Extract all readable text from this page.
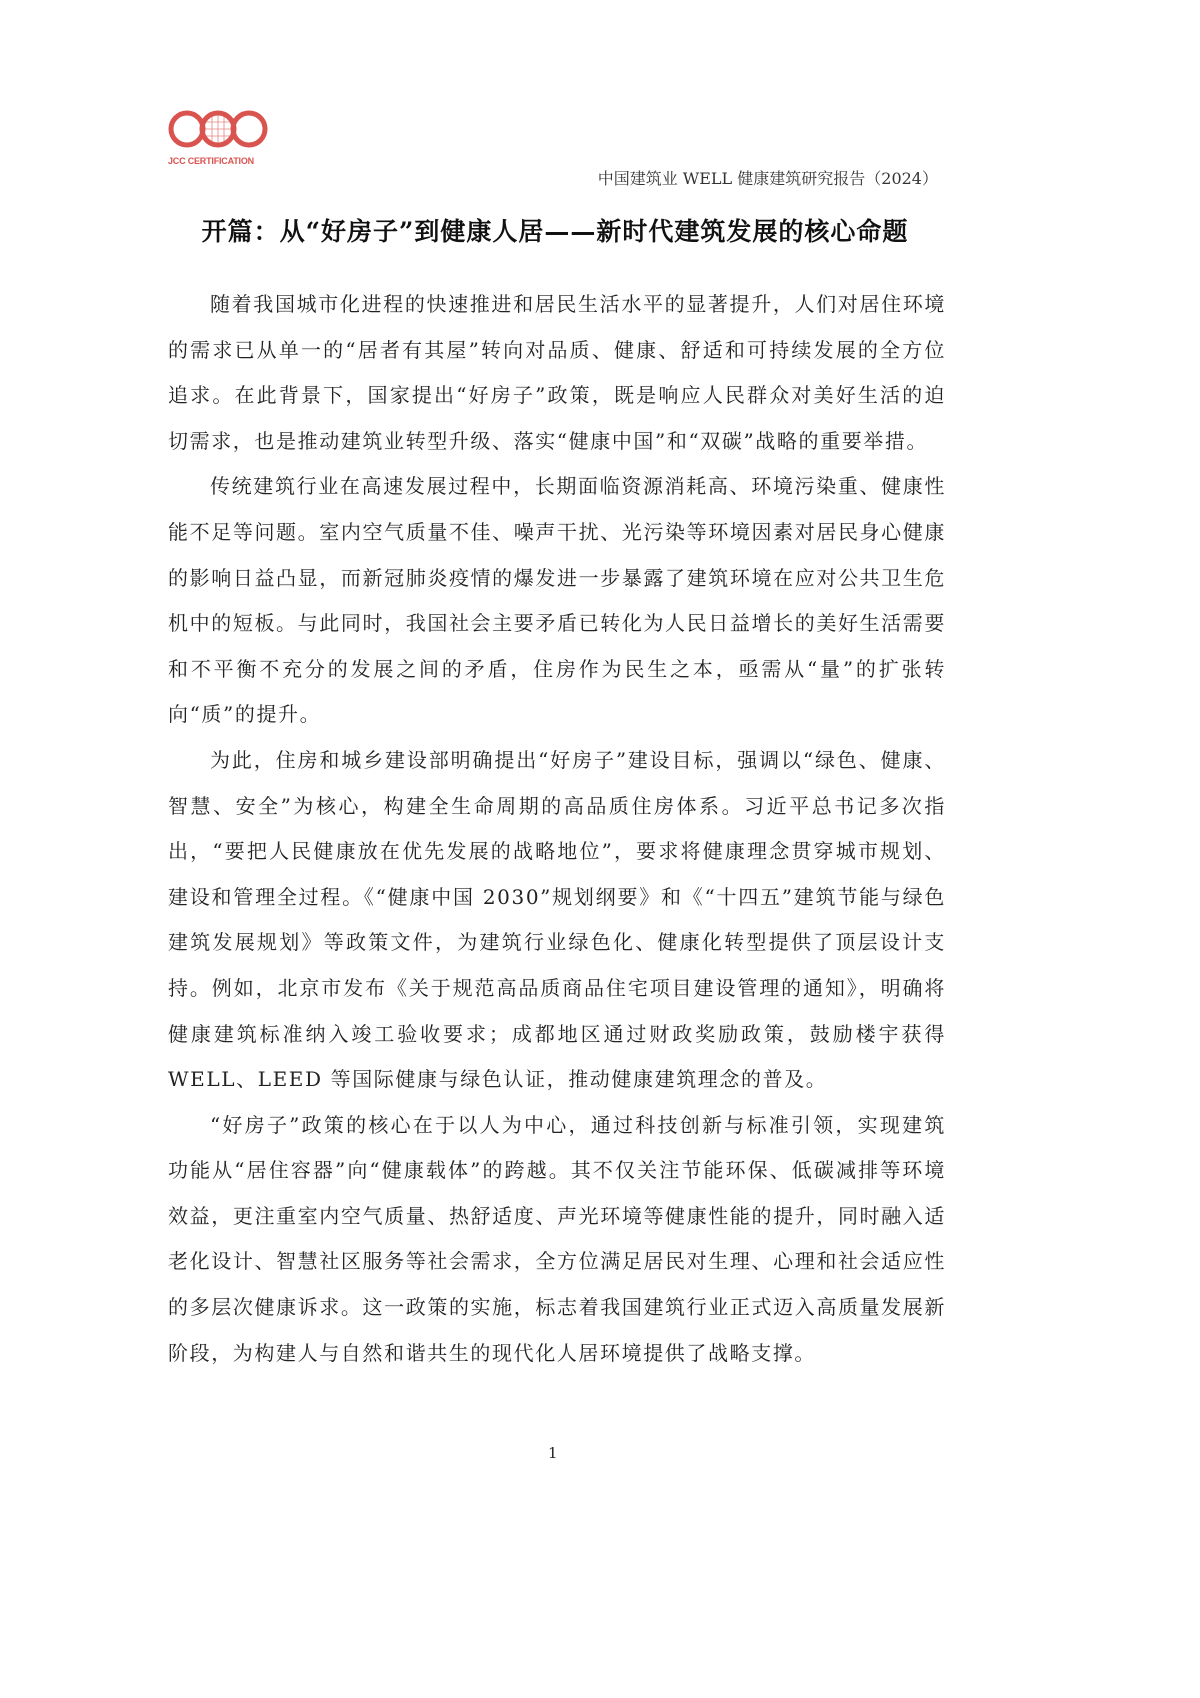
JCC CERTIFICATION
中国建筑业 WELL 健康建筑研究报告（2024）
开篇：从“好房子”到健康人居——新时代建筑发展的核心命题

随着我国城市化进程的快速推进和居民生活水平的显著提升，人们对居住环境的需求已从单一的“居者有其屋”转向对品质、健康、舒适和可持续发展的全方位追求。在此背景下，国家提出“好房子”政策，既是响应人民群众对美好生活的迫切需求，也是推动建筑业转型升级、落实“健康中国”和“双碳”战略的重要举措。

传统建筑行业在高速发展过程中，长期面临资源消耗高、环境污染重、健康性能不足等问题。室内空气质量不佳、噪声干扰、光污染等环境因素对居民身心健康的影响日益凸显，而新冠肺炎疫情的爆发进一步暴露了建筑环境在应对公共卫生危机中的短板。与此同时，我国社会主要矛盾已转化为人民日益增长的美好生活需要和不平衡不充分的发展之间的矛盾，住房作为民生之本，亟需从“量”的扩张转向“质”的提升。

为此，住房和城乡建设部明确提出“好房子”建设目标，强调以“绿色、健康、智慧、安全”为核心，构建全生命周期的高品质住房体系。习近平总书记多次指出，“要把人民健康放在优先发展的战略地位”，要求将健康理念贯穿城市规划、建设和管理全过程。《“健康中国 2030”规划纲要》和《“十四五”建筑节能与绿色建筑发展规划》等政策文件，为建筑行业绿色化、健康化转型提供了顶层设计支持。例如，北京市发布《关于规范高品质商品住宅项目建设管理的通知》，明确将健康建筑标准纳入竣工验收要求；成都地区通过财政奖励政策，鼓励楼宇获得 WELL、LEED 等国际健康与绿色认证，推动健康建筑理念的普及。

“好房子”政策的核心在于以人为中心，通过科技创新与标准引领，实现建筑功能从“居住容器”向“健康载体”的跨越。其不仅关注节能环保、低碳减排等环境效益，更注重室内空气质量、热舒适度、声光环境等健康性能的提升，同时融入适老化设计、智慧社区服务等社会需求，全方位满足居民对生理、心理和社会适应性的多层次健康诉求。这一政策的实施，标志着我国建筑行业正式迈入高质量发展新阶段，为构建人与自然和谐共生的现代化人居环境提供了战略支撑。

1
